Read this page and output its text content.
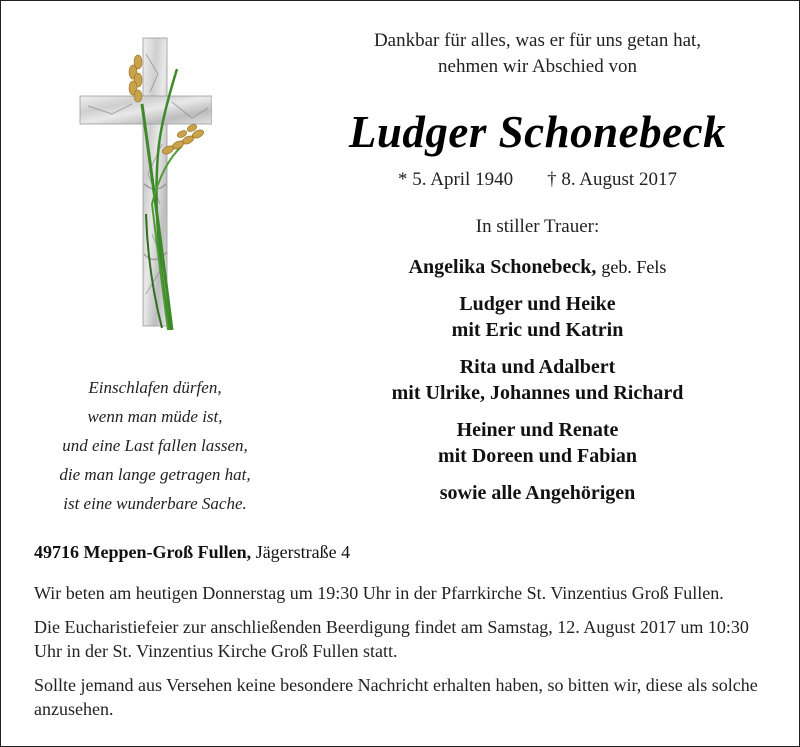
Dankbar für alles, was er für uns getan hat,
nehmen wir Abschied von
Ludger Schonebeck
* 5. April 1940 † 8. August 2017
In stiller Trauer:
Angelika Schonebeck, geb. Fels
Ludger und Heike
mit Eric und Katrin
Rita und Adalbert
mit Ulrike, Johannes und Richard
Heiner und Renate
mit Doreen und Fabian
sowie alle Angehörigen
Einschlafen dürfen,
wenn man müde ist,
und eine Last fallen lassen,
die man lange getragen hat,
ist eine wunderbare Sache.
49716 Meppen-Groß Fullen, Jägerstraße 4

Wir beten am heutigen Donnerstag um 19:30 Uhr in der Pfarrkirche St. Vinzentius Groß Fullen.

Die Eucharistiefeier zur anschließenden Beerdigung findet am Samstag, 12. August 2017 um 10:30 Uhr in der St. Vinzentius Kirche Groß Fullen statt.

Sollte jemand aus Versehen keine besondere Nachricht erhalten haben, so bitten wir, diese als solche anzusehen.
